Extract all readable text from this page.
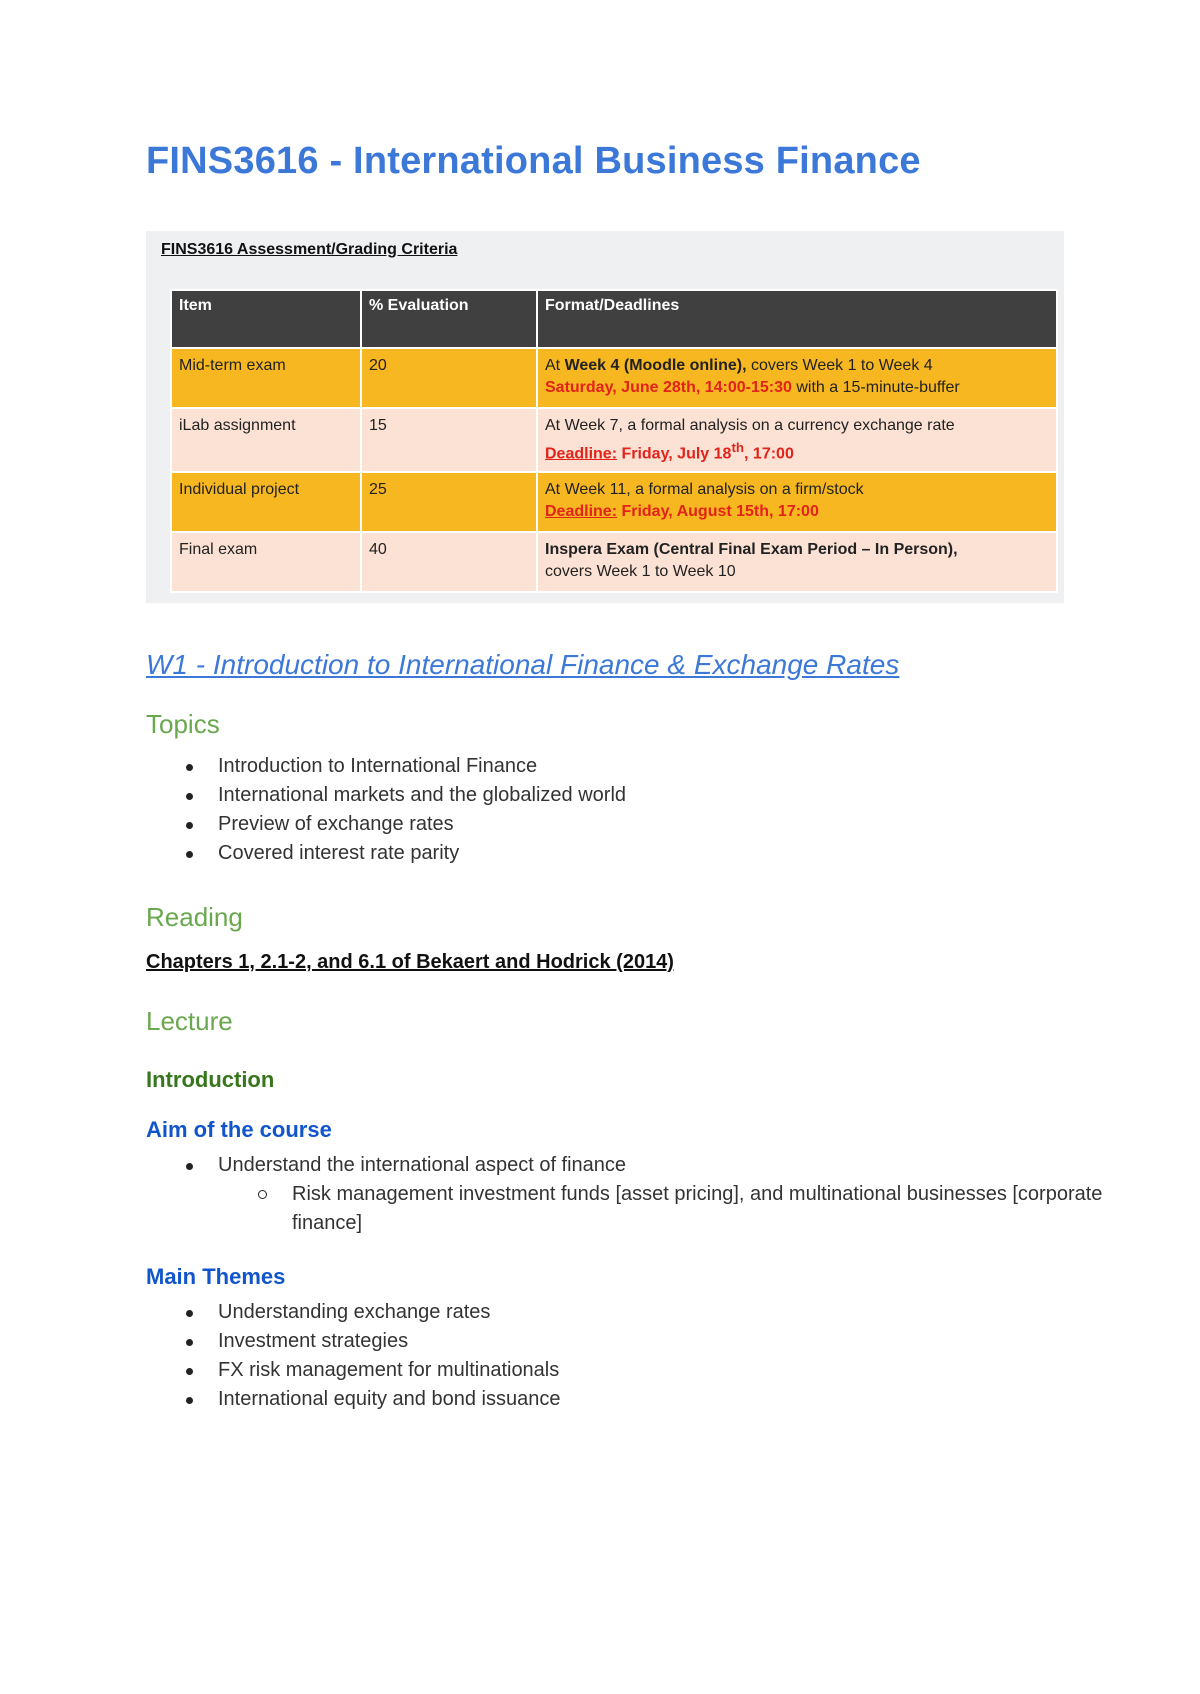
FINS3616 - International Business Finance
FINS3616 Assessment/Grading Criteria
Item	% Evaluation	Format/Deadlines
Mid-term exam	20	At Week 4 (Moodle online), covers Week 1 to Week 4
Saturday, June 28th, 14:00-15:30 with a 15-minute-buffer

iLab assignment	15	At Week 7, a formal analysis on a currency exchange rate
Deadline: Friday, July 18th, 17:00

Individual project	25	At Week 11, a formal analysis on a firm/stock
Deadline: Friday, August 15th, 17:00

Final exam	40	Inspera Exam (Central Final Exam Period – In Person),
covers Week 1 to Week 10
W1 - Introduction to International Finance & Exchange Rates
Topics
Introduction to International Finance
International markets and the globalized world
Preview of exchange rates
Covered interest rate parity
Reading
Chapters 1, 2.1-2, and 6.1 of Bekaert and Hodrick (2014)
Lecture
Introduction
Aim of the course
Understand the international aspect of finance
Risk management investment funds [asset pricing], and multinational businesses [corporate finance]
Main Themes
Understanding exchange rates
Investment strategies
FX risk management for multinationals
International equity and bond issuance
